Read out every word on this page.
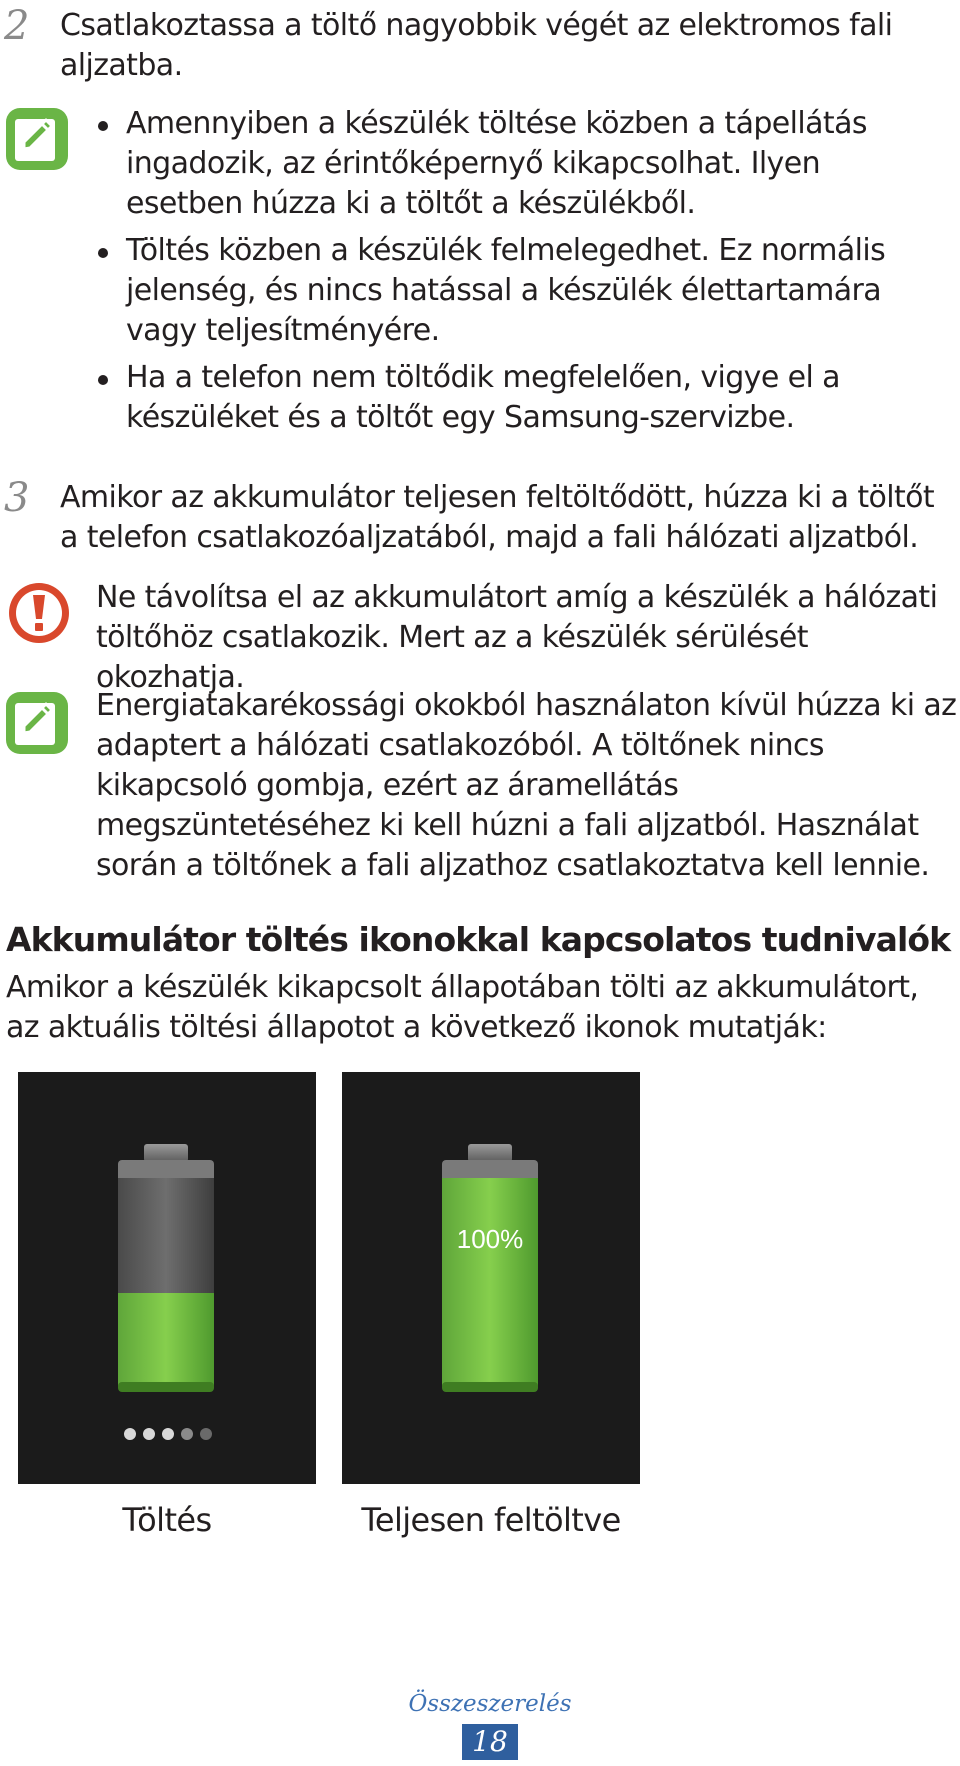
2 Csatlakoztassa a töltő nagyobbik végét az elektromos fali aljzatba.
Amennyiben a készülék töltése közben a tápellátás ingadozik, az érintőképernyő kikapcsolhat. Ilyen esetben húzza ki a töltőt a készülékből.
Töltés közben a készülék felmelegedhet. Ez normális jelenség, és nincs hatással a készülék élettartamára vagy teljesítményére.
Ha a telefon nem töltődik megfelelően, vigye el a készüléket és a töltőt egy Samsung-szervizbe.
3 Amikor az akkumulátor teljesen feltöltődött, húzza ki a töltőt a telefon csatlakozóaljzatából, majd a fali hálózati aljzatból.
Ne távolítsa el az akkumulátort amíg a készülék a hálózati töltőhöz csatlakozik. Mert az a készülék sérülését okozhatja.
Energiatakarékossági okokból használaton kívül húzza ki az adaptert a hálózati csatlakozóból. A töltőnek nincs kikapcsoló gombja, ezért az áramellátás megszüntetéséhez ki kell húzni a fali aljzatból. Használat során a töltőnek a fali aljzathoz csatlakoztatva kell lennie.
Akkumulátor töltés ikonokkal kapcsolatos tudnivalók
Amikor a készülék kikapcsolt állapotában tölti az akkumulátort, az aktuális töltési állapotot a következő ikonok mutatják:
Töltés
100%
Teljesen feltöltve
Összeszerelés
18
